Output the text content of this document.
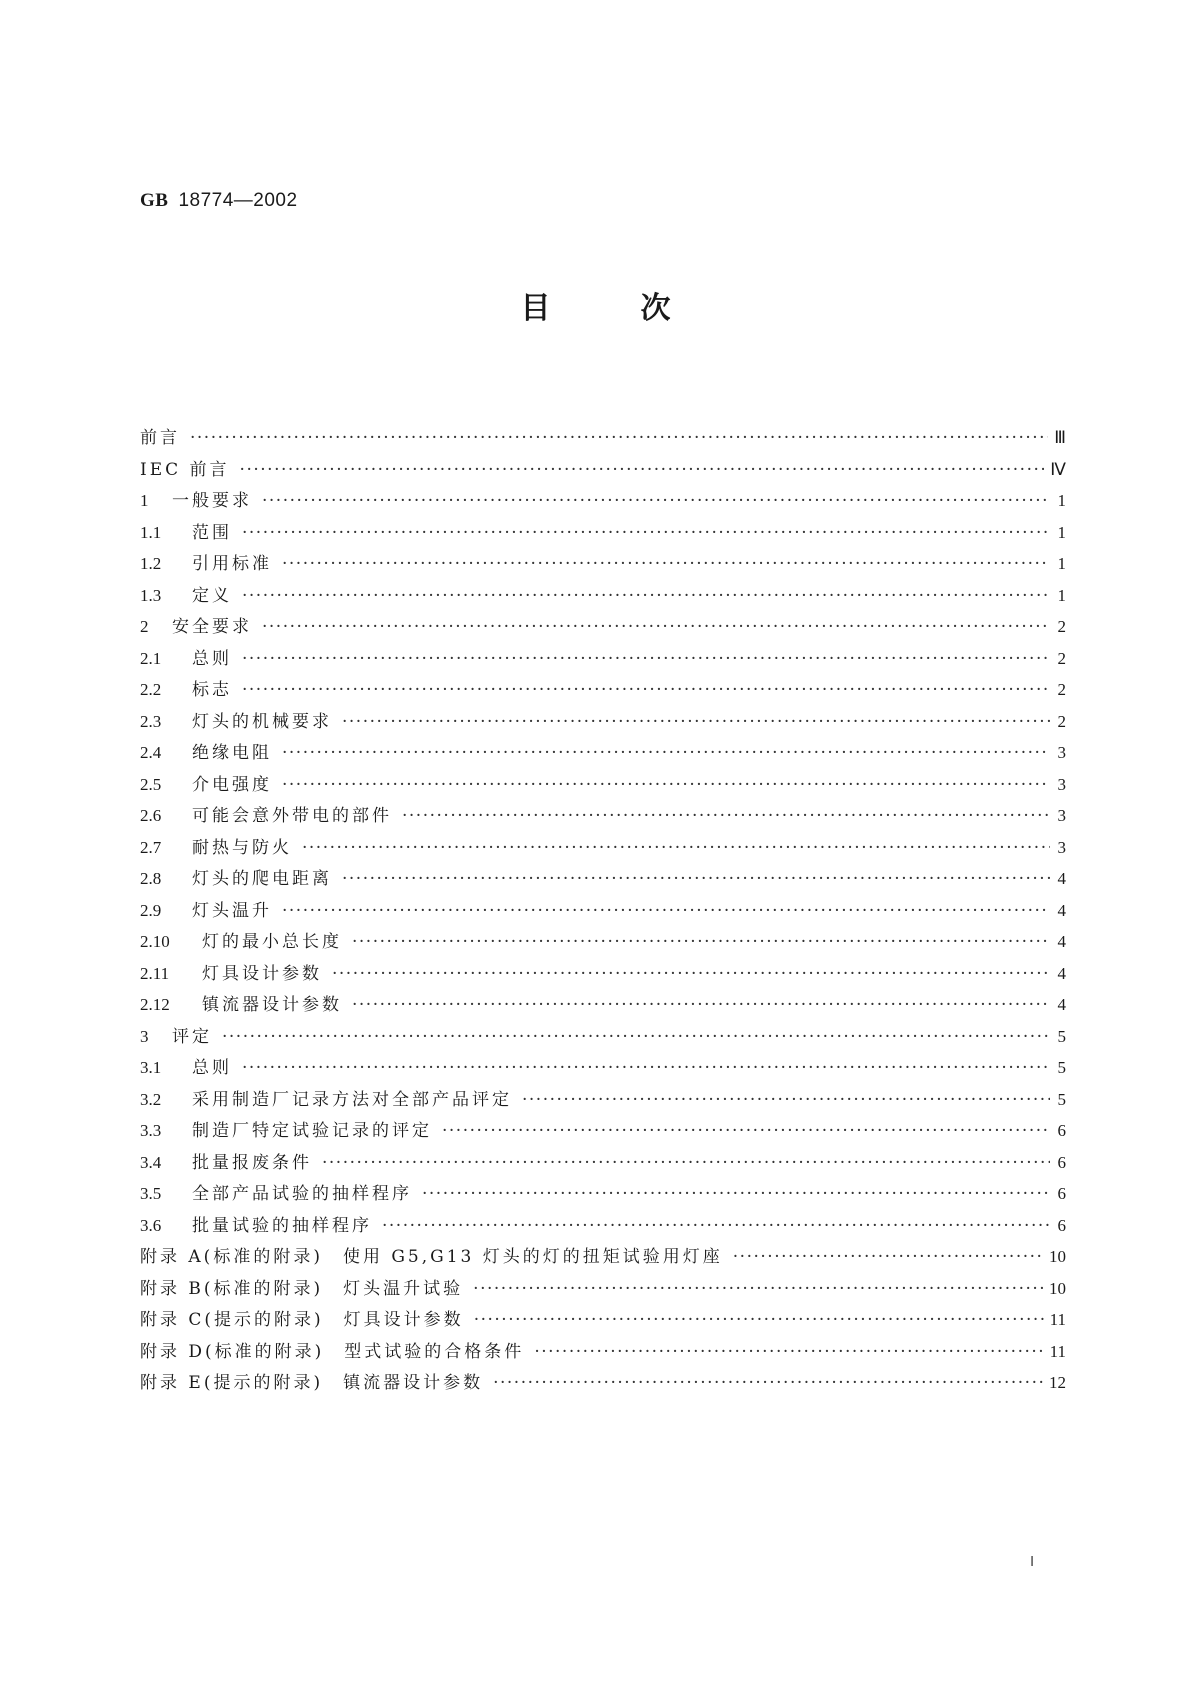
GB 18774—2002
目	次
前言 ·····	Ⅲ
IEC 前言 ·····	Ⅳ
1	一般要求 ·····	1
1.1	范围 ·····	1
1.2	引用标准 ·····	1
1.3	定义 ·····	1
2	安全要求 ·····	2
2.1	总则 ·····	2
2.2	标志 ·····	2
2.3	灯头的机械要求 ·····	2
2.4	绝缘电阻 ·····	3
2.5	介电强度 ·····	3
2.6	可能会意外带电的部件 ·····	3
2.7	耐热与防火 ·····	3
2.8	灯头的爬电距离 ·····	4
2.9	灯头温升 ·····	4
2.10	灯的最小总长度 ·····	4
2.11	灯具设计参数 ·····	4
2.12	镇流器设计参数 ·····	4
3	评定 ·····	5
3.1	总则 ·····	5
3.2	采用制造厂记录方法对全部产品评定 ·····	5
3.3	制造厂特定试验记录的评定 ·····	6
3.4	批量报废条件 ·····	6
3.5	全部产品试验的抽样程序 ·····	6
3.6	批量试验的抽样程序 ·····	6
附录 A(标准的附录)　使用 G5,G13 灯头的灯的扭矩试验用灯座 ·····	10
附录 B(标准的附录)　灯头温升试验 ·····	10
附录 C(提示的附录)　灯具设计参数 ·····	11
附录 D(标准的附录)　型式试验的合格条件 ·····	11
附录 E(提示的附录)　镇流器设计参数 ·····	12
Ⅰ
